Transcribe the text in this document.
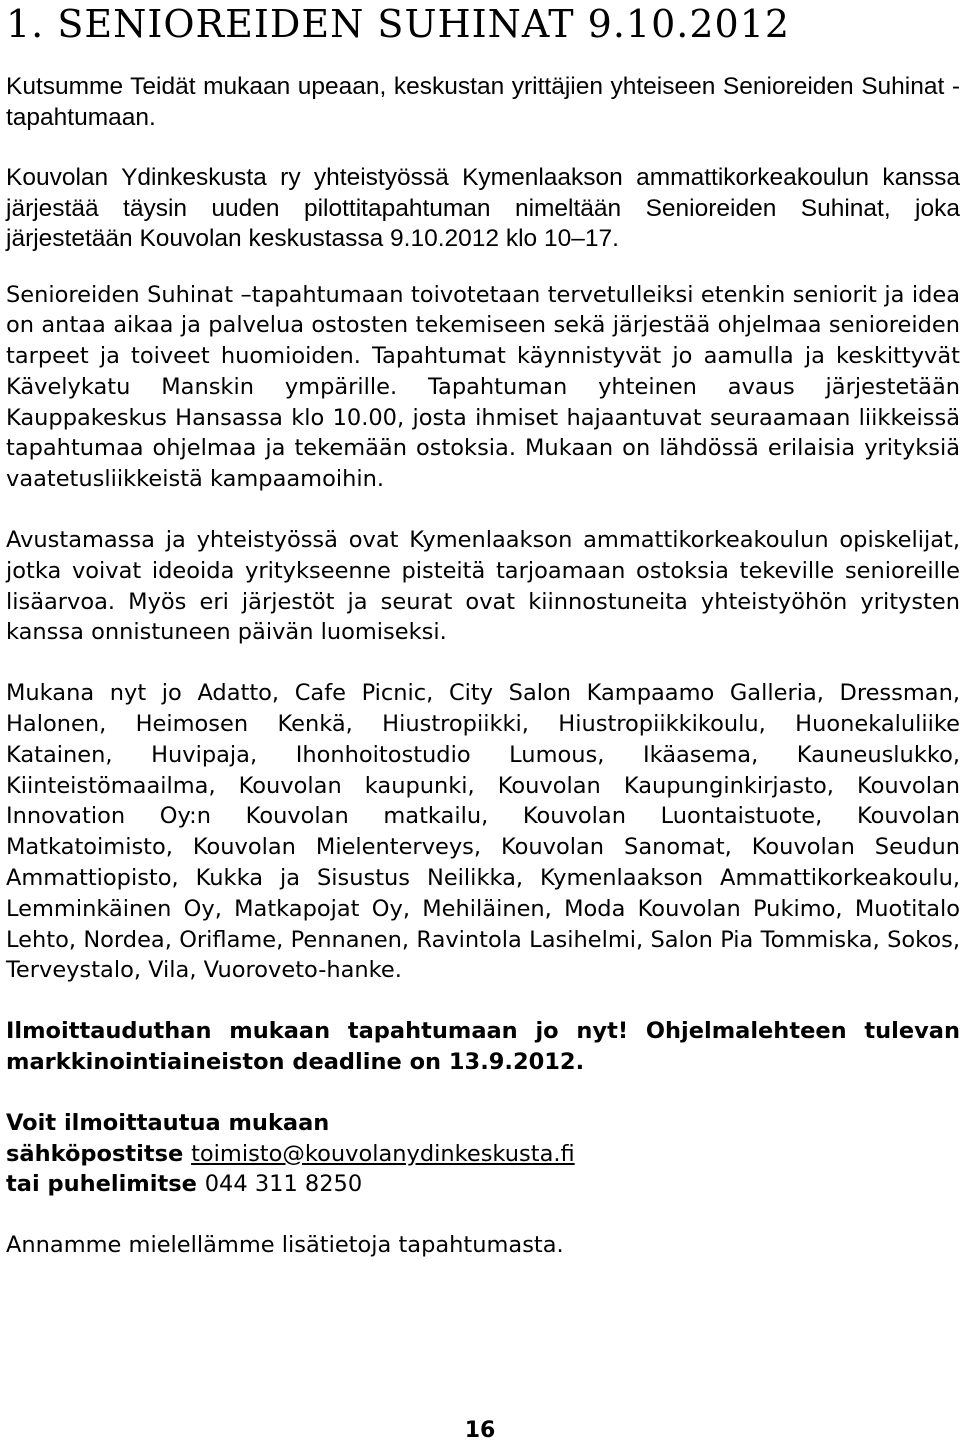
1. SENIOREIDEN SUHINAT 9.10.2012

Kutsumme Teidät mukaan upeaan, keskustan yrittäjien yhteiseen Senioreiden Suhinat -tapahtumaan.

Kouvolan Ydinkeskusta ry yhteistyössä Kymenlaakson ammattikorkeakoulun kanssa järjestää täysin uuden pilottitapahtuman nimeltään Senioreiden Suhinat, joka järjestetään Kouvolan keskustassa 9.10.2012 klo 10–17.

Senioreiden Suhinat –tapahtumaan toivotetaan tervetulleiksi etenkin seniorit ja idea on antaa aikaa ja palvelua ostosten tekemiseen sekä järjestää ohjelmaa senioreiden tarpeet ja toiveet huomioiden. Tapahtumat käynnistyvät jo aamulla ja keskittyvät Kävelykatu Manskin ympärille. Tapahtuman yhteinen avaus järjestetään Kauppakeskus Hansassa klo 10.00, josta ihmiset hajaantuvat seuraamaan liikkeissä tapahtumaa ohjelmaa ja tekemään ostoksia. Mukaan on lähdössä erilaisia yrityksiä vaatetusliikkeistä kampaamoihin.

Avustamassa ja yhteistyössä ovat Kymenlaakson ammattikorkeakoulun opiskelijat, jotka voivat ideoida yritykseenne pisteitä tarjoamaan ostoksia tekeville senioreille lisäarvoa. Myös eri järjestöt ja seurat ovat kiinnostuneita yhteistyöhön yritysten kanssa onnistuneen päivän luomiseksi.

Mukana nyt jo Adatto, Cafe Picnic, City Salon Kampaamo Galleria, Dressman, Halonen, Heimosen Kenkä, Hiustropiikki, Hiustropiikkikoulu, Huonekaluliike Katainen, Huvipaja, Ihonhoitostudio Lumous, Ikäasema, Kauneuslukko, Kiinteistömaailma, Kouvolan kaupunki, Kouvolan Kaupunginkirjasto, Kouvolan Innovation Oy:n Kouvolan matkailu, Kouvolan Luontaistuote, Kouvolan Matkatoimisto, Kouvolan Mielenterveys, Kouvolan Sanomat, Kouvolan Seudun Ammattiopisto, Kukka ja Sisustus Neilikka, Kymenlaakson Ammattikorkeakoulu, Lemminkäinen Oy, Matkapojat Oy, Mehiläinen, Moda Kouvolan Pukimo, Muotitalo Lehto, Nordea, Oriflame, Pennanen, Ravintola Lasihelmi, Salon Pia Tommiska, Sokos, Terveystalo, Vila, Vuoroveto-hanke.

Ilmoittauduthan mukaan tapahtumaan jo nyt! Ohjelmalehteen tulevan markkinointiaineiston deadline on 13.9.2012.

Voit ilmoittautua mukaan
sähköpostitse toimisto@kouvolanydinkeskusta.fi
tai puhelimitse 044 311 8250

Annamme mielellämme lisätietoja tapahtumasta.

16
